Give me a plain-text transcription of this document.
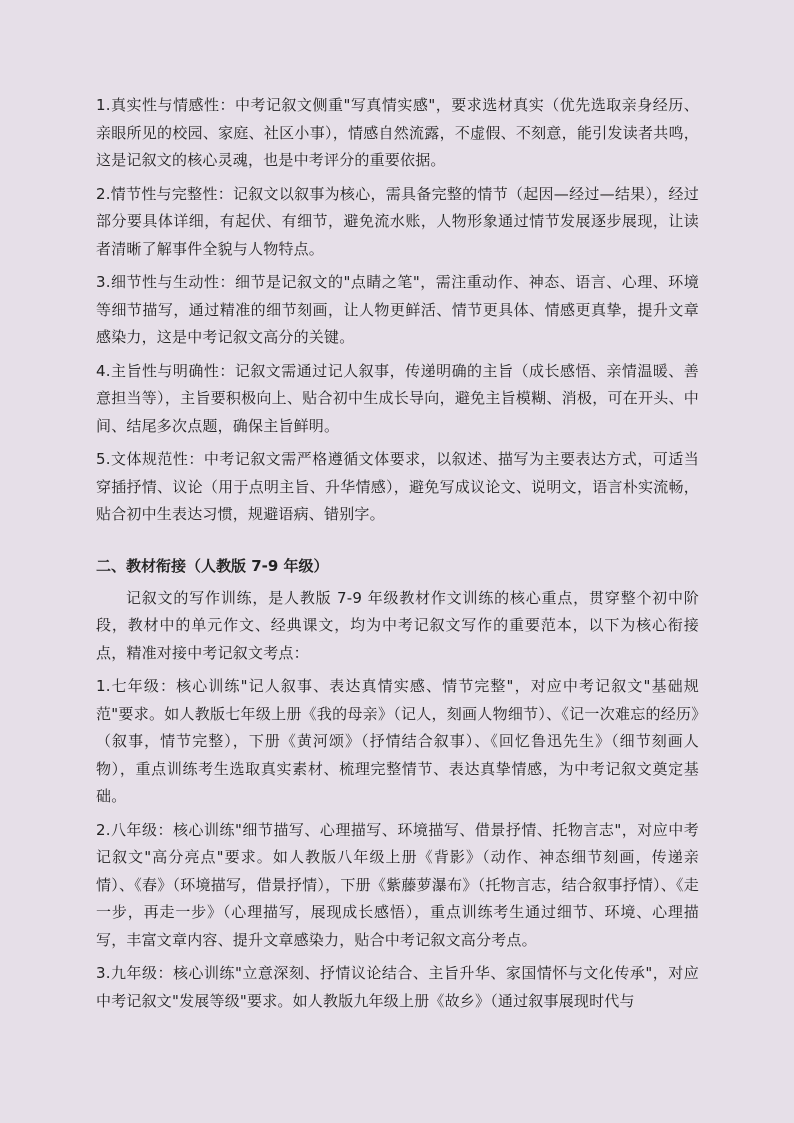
1.真实性与情感性：中考记叙文侧重"写真情实感"，要求选材真实（优先选取亲身经历、亲眼所见的校园、家庭、社区小事），情感自然流露，不虚假、不刻意，能引发读者共鸣，这是记叙文的核心灵魂，也是中考评分的重要依据。

2.情节性与完整性：记叙文以叙事为核心，需具备完整的情节（起因—经过—结果），经过部分要具体详细，有起伏、有细节，避免流水账，人物形象通过情节发展逐步展现，让读者清晰了解事件全貌与人物特点。

3.细节性与生动性：细节是记叙文的"点睛之笔"，需注重动作、神态、语言、心理、环境等细节描写，通过精准的细节刻画，让人物更鲜活、情节更具体、情感更真挚，提升文章感染力，这是中考记叙文高分的关键。

4.主旨性与明确性：记叙文需通过记人叙事，传递明确的主旨（成长感悟、亲情温暖、善意担当等），主旨要积极向上、贴合初中生成长导向，避免主旨模糊、消极，可在开头、中间、结尾多次点题，确保主旨鲜明。

5.文体规范性：中考记叙文需严格遵循文体要求，以叙述、描写为主要表达方式，可适当穿插抒情、议论（用于点明主旨、升华情感），避免写成议论文、说明文，语言朴实流畅，贴合初中生表达习惯，规避语病、错别字。

二、教材衔接（人教版 7-9 年级）

记叙文的写作训练，是人教版 7-9 年级教材作文训练的核心重点，贯穿整个初中阶段，教材中的单元作文、经典课文，均为中考记叙文写作的重要范本，以下为核心衔接点，精准对接中考记叙文考点：

1.七年级：核心训练"记人叙事、表达真情实感、情节完整"，对应中考记叙文"基础规范"要求。如人教版七年级上册《我的母亲》（记人，刻画人物细节）、《记一次难忘的经历》（叙事，情节完整），下册《黄河颂》（抒情结合叙事）、《回忆鲁迅先生》（细节刻画人物），重点训练考生选取真实素材、梳理完整情节、表达真挚情感，为中考记叙文奠定基础。

2.八年级：核心训练"细节描写、心理描写、环境描写、借景抒情、托物言志"，对应中考记叙文"高分亮点"要求。如人教版八年级上册《背影》（动作、神态细节刻画，传递亲情）、《春》（环境描写，借景抒情），下册《紫藤萝瀑布》（托物言志，结合叙事抒情）、《走一步，再走一步》（心理描写，展现成长感悟），重点训练考生通过细节、环境、心理描写，丰富文章内容、提升文章感染力，贴合中考记叙文高分考点。

3.九年级：核心训练"立意深刻、抒情议论结合、主旨升华、家国情怀与文化传承"，对应中考记叙文"发展等级"要求。如人教版九年级上册《故乡》（通过叙事展现时代与
